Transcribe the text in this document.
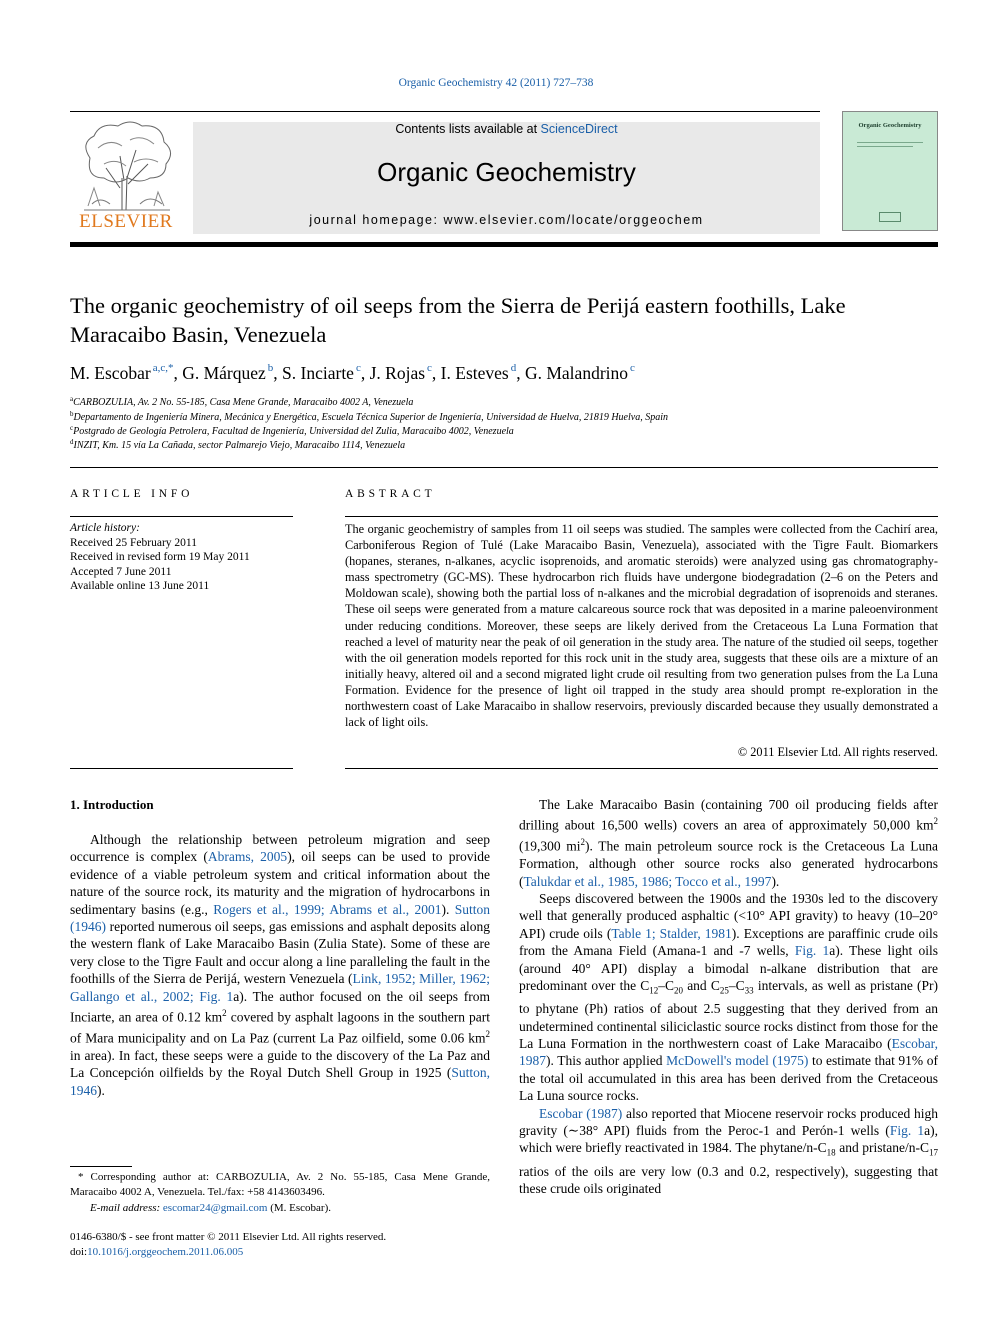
Organic Geochemistry 42 (2011) 727–738
ELSEVIER
Contents lists available at ScienceDirect
Organic Geochemistry
journal homepage: www.elsevier.com/locate/orggeochem
Organic Geochemistry
The organic geochemistry of oil seeps from the Sierra de Perijá eastern foothills, Lake Maracaibo Basin, Venezuela
M. Escobar $^{a,c,*}$, G. Márquez $^b$, S. Inciarte $^c$, J. Rojas $^c$, I. Esteves $^d$, G. Malandrino $^c$
$^a$CARBOZULIA, Av. 2 No. 55-185, Casa Mene Grande, Maracaibo 4002 A, Venezuela
$^b$Departamento de Ingeniería Minera, Mecánica y Energética, Escuela Técnica Superior de Ingeniería, Universidad de Huelva, 21819 Huelva, Spain
$^c$Postgrado de Geología Petrolera, Facultad de Ingeniería, Universidad del Zulia, Maracaibo 4002, Venezuela
$^d$INZIT, Km. 15 vía La Cañada, sector Palmarejo Viejo, Maracaibo 1114, Venezuela
ARTICLE INFO	ABSTRACT
Article history:
Received 25 February 2011
Received in revised form 19 May 2011
Accepted 7 June 2011
Available online 13 June 2011
The organic geochemistry of samples from 11 oil seeps was studied. The samples were collected from the Cachirí area, Carboniferous Region of Tulé (Lake Maracaibo Basin, Venezuela), associated with the Tigre Fault. Biomarkers (hopanes, steranes, n-alkanes, acyclic isoprenoids, and aromatic steroids) were analyzed using gas chromatography-mass spectrometry (GC-MS). These hydrocarbon rich fluids have undergone biodegradation (2–6 on the Peters and Moldowan scale), showing both the partial loss of n-alkanes and the microbial degradation of isoprenoids and steranes. These oil seeps were generated from a mature calcareous source rock that was deposited in a marine paleoenvironment under reducing conditions. Moreover, these seeps are likely derived from the Cretaceous La Luna Formation that reached a level of maturity near the peak of oil generation in the study area. The nature of the studied oil seeps, together with the oil generation models reported for this rock unit in the study area, suggests that these oils are a mixture of an initially heavy, altered oil and a second migrated light crude oil resulting from two generation pulses from the La Luna Formation. Evidence for the presence of light oil trapped in the study area should prompt re-exploration in the northwestern coast of Lake Maracaibo in shallow reservoirs, previously discarded because they usually demonstrated a lack of light oils.
© 2011 Elsevier Ltd. All rights reserved.
1. Introduction

Although the relationship between petroleum migration and seep occurrence is complex (Abrams, 2005), oil seeps can be used to provide evidence of a viable petroleum system and critical information about the nature of the source rock, its maturity and the migration of hydrocarbons in sedimentary basins (e.g., Rogers et al., 1999; Abrams et al., 2001). Sutton (1946) reported numerous oil seeps, gas emissions and asphalt deposits along the western flank of Lake Maracaibo Basin (Zulia State). Some of these are very close to the Tigre Fault and occur along a line paralleling the fault in the foothills of the Sierra de Perijá, western Venezuela (Link, 1952; Miller, 1962; Gallango et al., 2002; Fig. 1a). The author focused on the oil seeps from Inciarte, an area of 0.12 $km^2$ covered by asphalt lagoons in the southern part of Mara municipality and on La Paz (current La Paz oilfield, some 0.06 $km^2$ in area). In fact, these seeps were a guide to the discovery of the La Paz and La Concepción oilfields by the Royal Dutch Shell Group in 1925 (Sutton, 1946).

The Lake Maracaibo Basin (containing 700 oil producing fields after drilling about 16,500 wells) covers an area of approximately 50,000 $km^2$ (19,300 $mi^2$). The main petroleum source rock is the Cretaceous La Luna Formation, although other source rocks also generated hydrocarbons (Talukdar et al., 1985, 1986; Tocco et al., 1997).

Seeps discovered between the 1900s and the 1930s led to the discovery well that generally produced asphaltic (<10° API gravity) to heavy (10–20° API) crude oils (Table 1; Stalder, 1981). Exceptions are paraffinic crude oils from the Amana Field (Amana-1 and -7 wells, Fig. 1a). These light oils (around 40° API) display a bimodal n-alkane distribution that are predominant over the $C_{12}-C_{20}$ and $C_{25}-C_{33}$ intervals, as well as pristane (Pr) to phytane (Ph) ratios of about 2.5 suggesting that they derived from an undetermined continental siliciclastic source rocks distinct from those for the La Luna Formation in the northwestern coast of Lake Maracaibo (Escobar, 1987). This author applied McDowell's model (1975) to estimate that 91% of the total oil accumulated in this area has been derived from the Cretaceous La Luna source rocks.

Escobar (1987) also reported that Miocene reservoir rocks produced high gravity (∼38° API) fluids from the Peroc-1 and Perón-1 wells (Fig. 1a), which were briefly reactivated in 1984. The phytane/$n-C_{18}$ and pristane/$n-C_{17}$ ratios of the oils are very low (0.3 and 0.2, respectively), suggesting that these crude oils originated

* Corresponding author at: CARBOZULIA, Av. 2 No. 55-185, Casa Mene Grande, Maracaibo 4002 A, Venezuela. Tel./fax: +58 4143603496.
E-mail address: escomar24@gmail.com (M. Escobar).
0146-6380/$ - see front matter © 2011 Elsevier Ltd. All rights reserved.
doi:10.1016/j.orggeochem.2011.06.005
